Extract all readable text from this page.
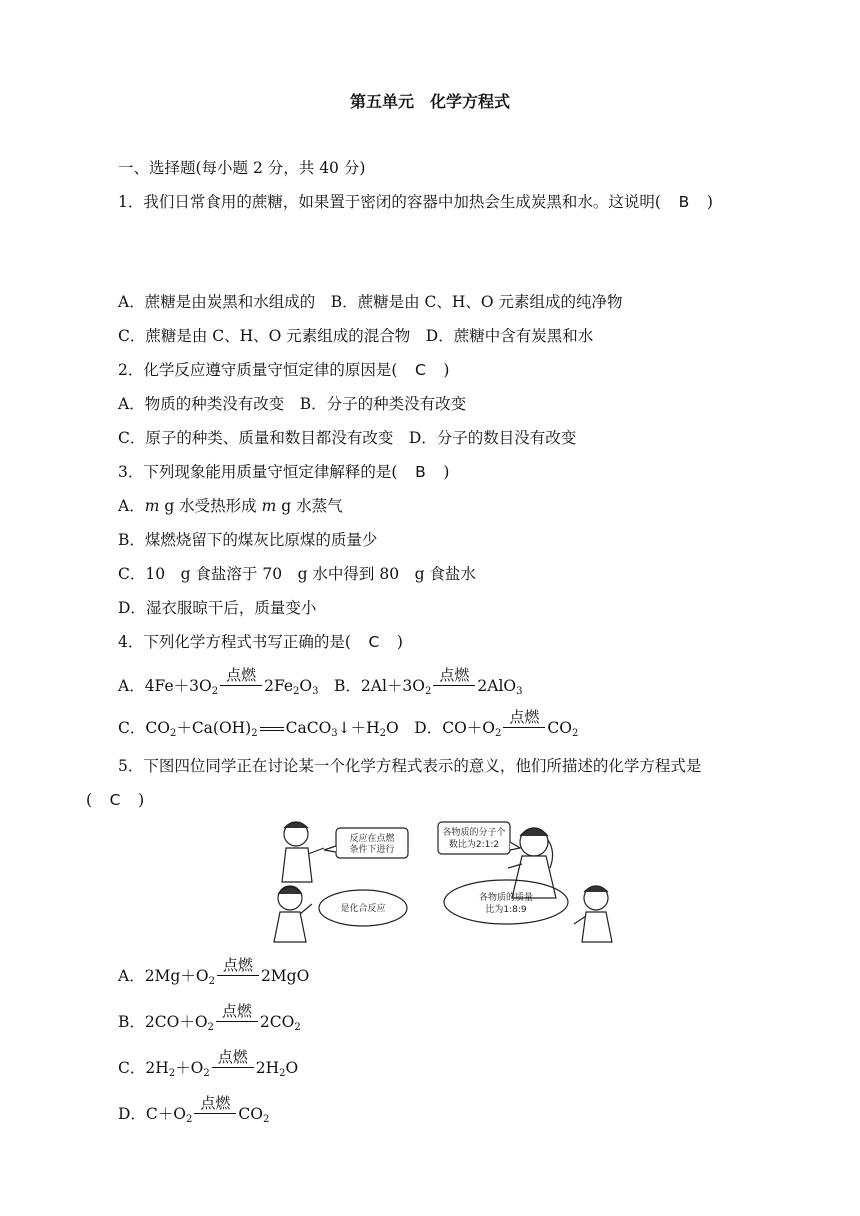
第五单元　化学方程式
一、选择题(每小题 2 分，共 40 分)
1．我们日常食用的蔗糖，如果置于密闭的容器中加热会生成炭黑和水。这说明( B )
A．蔗糖是由炭黑和水组成的　B．蔗糖是由 C、H、O 元素组成的纯净物
C．蔗糖是由 C、H、O 元素组成的混合物　D．蔗糖中含有炭黑和水
2．化学反应遵守质量守恒定律的原因是( C )
A．物质的种类没有改变　B．分子的种类没有改变
C．原子的种类、质量和数目都没有改变　D．分子的数目没有改变
3．下列现象能用质量守恒定律解释的是( B )
A．m g 水受热形成 m g 水蒸气
B．煤燃烧留下的煤灰比原煤的质量少
C．10　g 食盐溶于 70　g 水中得到 80　g 食盐水
D．湿衣服晾干后，质量变小
4．下列化学方程式书写正确的是( C )
A．$4Fe+3O_2$
点燃
$2Fe_2O_3$　 B．$2Al+3O_2$
点燃
2AlO$_3$
C．$CO_2+Ca(OH)_2$ $CaCO_3↓+H_2O$　 D．$CO+O_2$
点燃
$CO_2$
5．下图四位同学正在讨论某一个化学方程式表示的意义，他们所描述的化学方程式是
( C )
反应在点燃
条件下进行
各物质的分子个
数比为2:1:2
是化合反应
各物质的质量
比为1:8:9
A．$2Mg+O_2$
点燃
2MgO
B．$2CO+O_2$
点燃
$2CO_2$
C．$2H_2+O_2$
点燃
$2H_2O$
D．$C+O_2$
点燃
$CO_2$
